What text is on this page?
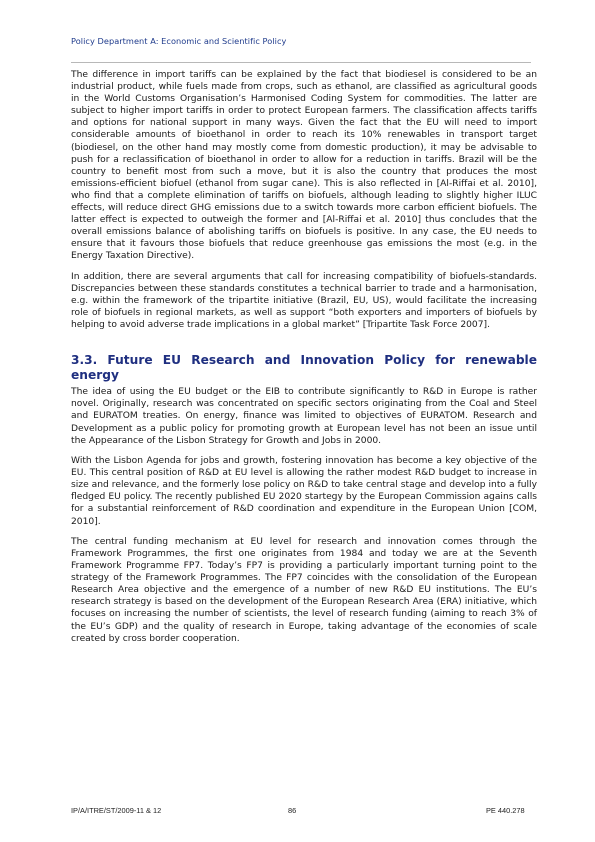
Policy Department A: Economic and Scientific Policy

The difference in import tariffs can be explained by the fact that biodiesel is considered to be an industrial product, while fuels made from crops, such as ethanol, are classified as agricultural goods in the World Customs Organisation’s Harmonised Coding System for commodities. The latter are subject to higher import tariffs in order to protect European farmers. The classification affects tariffs and options for national support in many ways. Given the fact that the EU will need to import considerable amounts of bioethanol in order to reach its 10% renewables in transport target (biodiesel, on the other hand may mostly come from domestic production), it may be advisable to push for a reclassification of bioethanol in order to allow for a reduction in tariffs. Brazil will be the country to benefit most from such a move, but it is also the country that produces the most emissions-efficient biofuel (ethanol from sugar cane). This is also reflected in [Al-Riffai et al. 2010], who find that a complete elimination of tariffs on biofuels, although leading to slightly higher ILUC effects, will reduce direct GHG emissions due to a switch towards more carbon efficient biofuels. The latter effect is expected to outweigh the former and [Al-Riffai et al. 2010] thus concludes that the overall emissions balance of abolishing tariffs on biofuels is positive. In any case, the EU needs to ensure that it favours those biofuels that reduce greenhouse gas emissions the most (e.g. in the Energy Taxation Directive).

In addition, there are several arguments that call for increasing compatibility of biofuels-standards. Discrepancies between these standards constitutes a technical barrier to trade and a harmonisation, e.g. within the framework of the tripartite initiative (Brazil, EU, US), would facilitate the increasing role of biofuels in regional markets, as well as support “both exporters and importers of biofuels by helping to avoid adverse trade implications in a global market” [Tripartite Task Force 2007].

3.3. Future EU Research and Innovation Policy for renewable energy

The idea of using the EU budget or the EIB to contribute significantly to R&D in Europe is rather novel. Originally, research was concentrated on specific sectors originating from the Coal and Steel and EURATOM treaties. On energy, finance was limited to objectives of EURATOM. Research and Development as a public policy for promoting growth at European level has not been an issue until the Appearance of the Lisbon Strategy for Growth and Jobs in 2000.

With the Lisbon Agenda for jobs and growth, fostering innovation has become a key objective of the EU. This central position of R&D at EU level is allowing the rather modest R&D budget to increase in size and relevance, and the formerly lose policy on R&D to take central stage and develop into a fully fledged EU policy. The recently published EU 2020 startegy by the European Commission agains calls for a substantial reinforcement of R&D coordination and expenditure in the European Union [COM, 2010].

The central funding mechanism at EU level for research and innovation comes through the Framework Programmes, the first one originates from 1984 and today we are at the Seventh Framework Programme FP7. Today’s FP7 is providing a particularly important turning point to the strategy of the Framework Programmes. The FP7 coincides with the consolidation of the European Research Area objective and the emergence of a number of new R&D EU institutions. The EU’s research strategy is based on the development of the European Research Area (ERA) initiative, which focuses on increasing the number of scientists, the level of research funding (aiming to reach 3% of the EU’s GDP) and the quality of research in Europe, taking advantage of the economies of scale created by cross border cooperation.

IP/A/ITRE/ST/2009-11 & 12	86	PE 440.278
